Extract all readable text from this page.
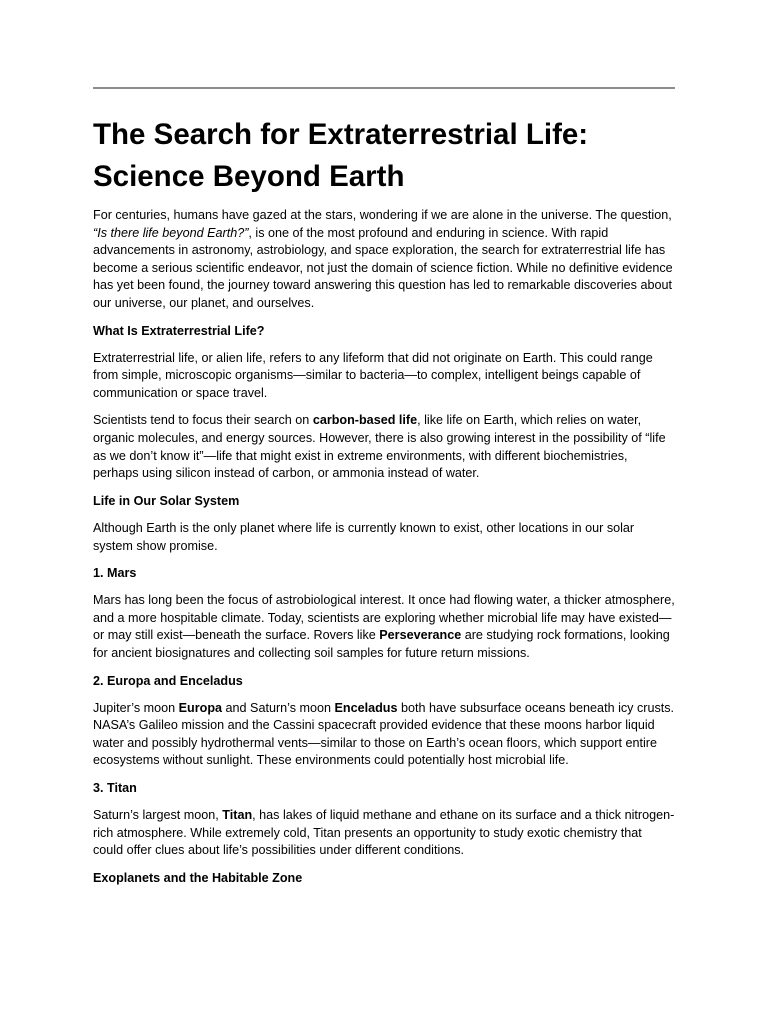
The Search for Extraterrestrial Life:
Science Beyond Earth

For centuries, humans have gazed at the stars, wondering if we are alone in the universe. The question, “Is there life beyond Earth?”, is one of the most profound and enduring in science. With rapid advancements in astronomy, astrobiology, and space exploration, the search for extraterrestrial life has become a serious scientific endeavor, not just the domain of science fiction. While no definitive evidence has yet been found, the journey toward answering this question has led to remarkable discoveries about our universe, our planet, and ourselves.

What Is Extraterrestrial Life?

Extraterrestrial life, or alien life, refers to any lifeform that did not originate on Earth. This could range from simple, microscopic organisms—similar to bacteria—to complex, intelligent beings capable of communication or space travel.

Scientists tend to focus their search on carbon-based life, like life on Earth, which relies on water, organic molecules, and energy sources. However, there is also growing interest in the possibility of “life as we don’t know it”—life that might exist in extreme environments, with different biochemistries, perhaps using silicon instead of carbon, or ammonia instead of water.

Life in Our Solar System

Although Earth is the only planet where life is currently known to exist, other locations in our solar system show promise.

1. Mars

Mars has long been the focus of astrobiological interest. It once had flowing water, a thicker atmosphere, and a more hospitable climate. Today, scientists are exploring whether microbial life may have existed—or may still exist—beneath the surface. Rovers like Perseverance are studying rock formations, looking for ancient biosignatures and collecting soil samples for future return missions.

2. Europa and Enceladus

Jupiter’s moon Europa and Saturn’s moon Enceladus both have subsurface oceans beneath icy crusts. NASA’s Galileo mission and the Cassini spacecraft provided evidence that these moons harbor liquid water and possibly hydrothermal vents—similar to those on Earth’s ocean floors, which support entire ecosystems without sunlight. These environments could potentially host microbial life.

3. Titan

Saturn’s largest moon, Titan, has lakes of liquid methane and ethane on its surface and a thick nitrogen-rich atmosphere. While extremely cold, Titan presents an opportunity to study exotic chemistry that could offer clues about life’s possibilities under different conditions.

Exoplanets and the Habitable Zone
